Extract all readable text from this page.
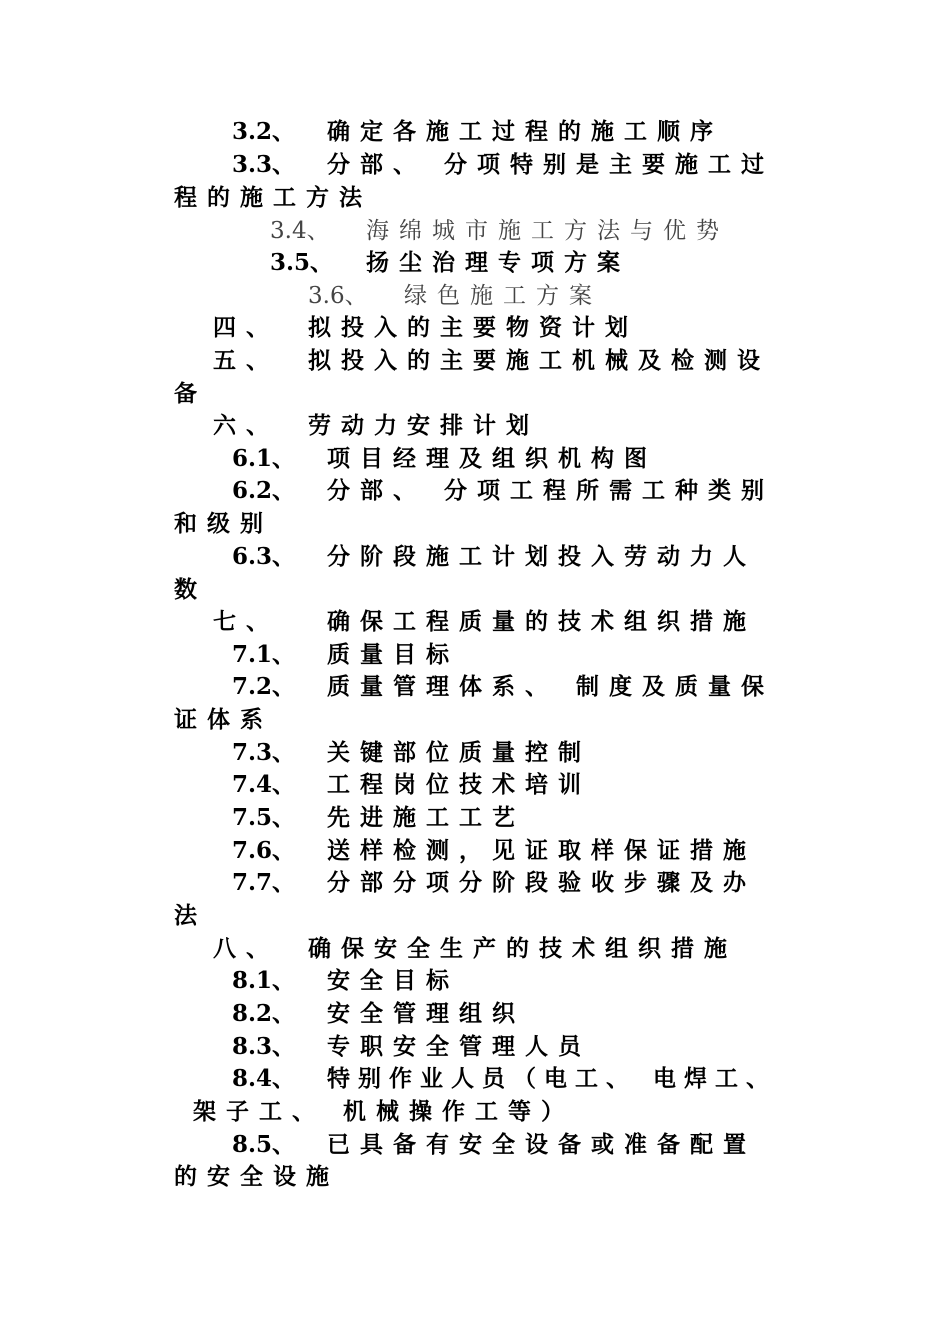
3.2、 确定各施工过程的施工顺序
3.3、 分部、 分项特别是主要施工过
程的施工方法
3.4、 海绵城市施工方法与优势
3.5、 扬尘治理专项方案
3.6、 绿色施工方案
四、 拟投入的主要物资计划
五、 拟投入的主要施工机械及检测设
备
六、 劳动力安排计划
6.1、 项目经理及组织机构图
6.2、 分部、 分项工程所需工种类别
和级别
6.3、 分阶段施工计划投入劳动力人
数
七、 确保工程质量的技术组织措施
7.1、 质量目标
7.2、 质量管理体系、 制度及质量保
证体系
7.3、 关键部位质量控制
7.4、 工程岗位技术培训
7.5、 先进施工工艺
7.6、 送样检测，见证取样保证措施
7.7、 分部分项分阶段验收步骤及办
法
八、 确保安全生产的技术组织措施
8.1、 安全目标
8.2、 安全管理组织
8.3、 专职安全管理人员
8.4、 特别作业人员（电工、 电焊工、
架子工、 机械操作工等）
8.5、 已具备有安全设备或准备配置
的安全设施
